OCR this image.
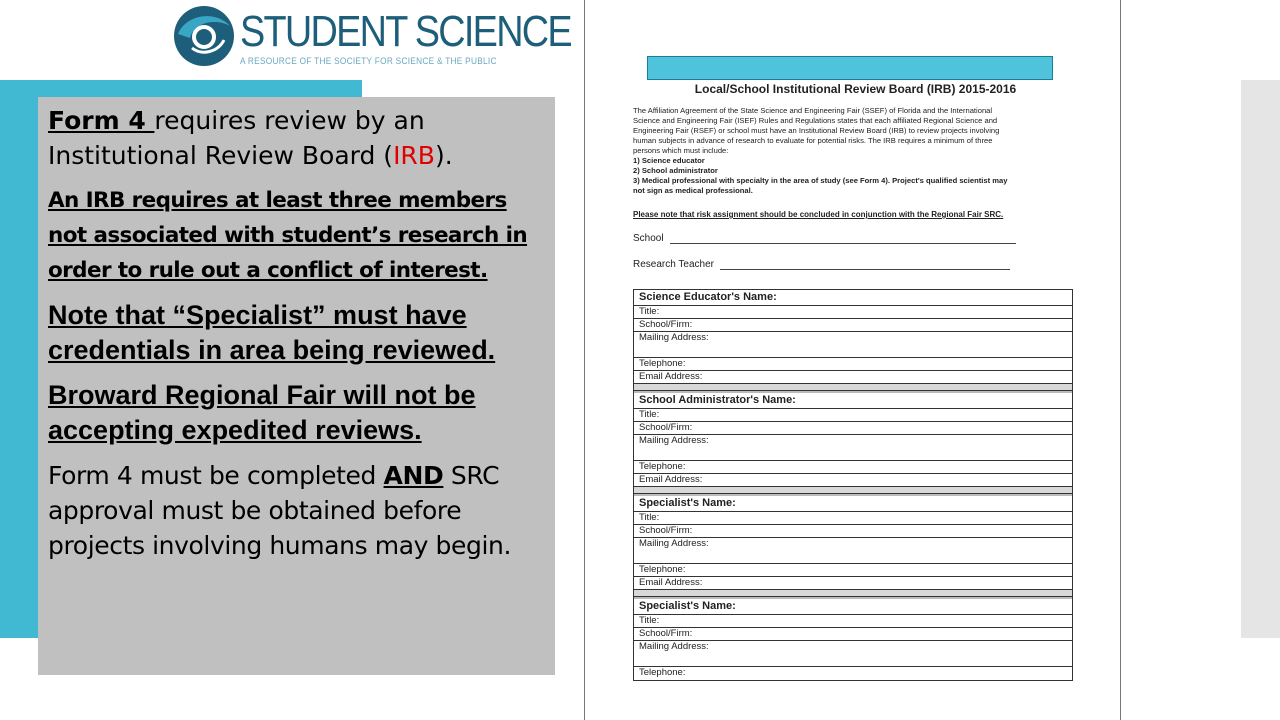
STUDENT SCIENCE
A RESOURCE OF THE SOCIETY FOR SCIENCE & THE PUBLIC

Form 4 requires review by an Institutional Review Board (IRB).

An IRB requires at least three members not associated with student’s research in order to rule out a conflict of interest.

Note that “Specialist” must have credentials in area being reviewed.

Broward Regional Fair will not be accepting expedited reviews.

Form 4 must be completed AND SRC approval must be obtained before projects involving humans may begin.

Local/School Institutional Review Board (IRB) 2015-2016

The Affiliation Agreement of the State Science and Engineering Fair (SSEF) of Florida and the International

Science and Engineering Fair (ISEF) Rules and Regulations states that each affiliated Regional Science and

Engineering Fair (RSEF) or school must have an Institutional Review Board (IRB) to review projects involving

human subjects in advance of research to evaluate for potential risks. The IRB requires a minimum of three

persons which must include:

1) Science educator

2) School administrator

3) Medical professional with specialty in the area of study (see Form 4). Project's qualified scientist may

not sign as medical professional.

Please note that risk assignment should be concluded in conjunction with the Regional Fair SRC.
School
Research Teacher
Science Educator's Name:
Title:
School/Firm:
Mailing Address:
Telephone:
Email Address:
School Administrator's Name:
Title:
School/Firm:
Mailing Address:
Telephone:
Email Address:
Specialist's Name:
Title:
School/Firm:
Mailing Address:
Telephone:
Email Address:
Specialist's Name:
Title:
School/Firm:
Mailing Address:
Telephone:
